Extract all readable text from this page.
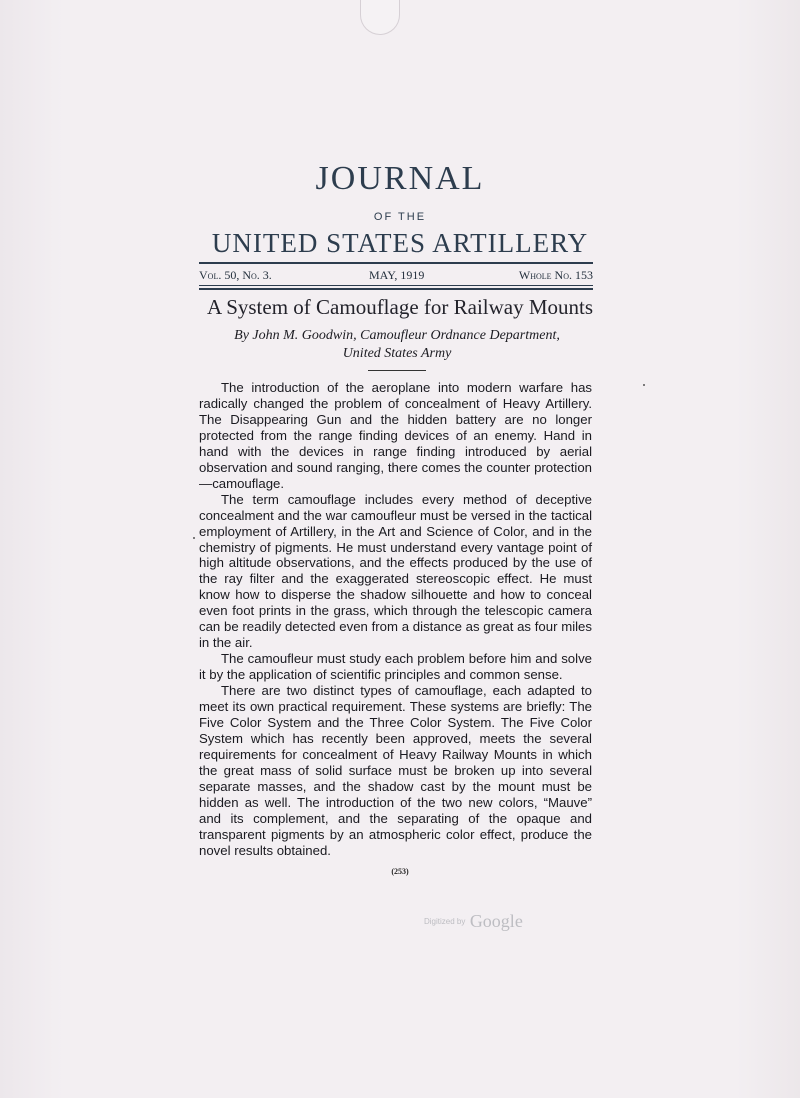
JOURNAL
OF THE
UNITED STATES ARTILLERY
Vol. 50, No. 3.	MAY, 1919	Whole No. 153
A System of Camouflage for Railway Mounts
By John M. Goodwin, Camoufleur Ordnance Department,
United States Army

The introduction of the aeroplane into modern warfare has radically changed the problem of concealment of Heavy Artillery. The Disappearing Gun and the hidden battery are no longer protected from the range finding devices of an enemy. Hand in hand with the devices in range finding introduced by aerial observation and sound ranging, there comes the counter protection—camouflage.

The term camouflage includes every method of deceptive concealment and the war camoufleur must be versed in the tactical employment of Artillery, in the Art and Science of Color, and in the chemistry of pigments. He must understand every vantage point of high altitude observations, and the effects produced by the use of the ray filter and the exaggerated stereoscopic effect. He must know how to disperse the shadow silhouette and how to conceal even foot prints in the grass, which through the telescopic camera can be readily detected even from a distance as great as four miles in the air.

The camoufleur must study each problem before him and solve it by the application of scientific principles and common sense.

There are two distinct types of camouflage, each adapted to meet its own practical requirement. These systems are briefly: The Five Color System and the Three Color System. The Five Color System which has recently been approved, meets the several requirements for concealment of Heavy Railway Mounts in which the great mass of solid surface must be broken up into several separate masses, and the shadow cast by the mount must be hidden as well. The introduction of the two new colors, “Mauve” and its complement, and the separating of the opaque and transparent pigments by an atmospheric color effect, produce the novel results obtained.

(253)
Digitized by Google
